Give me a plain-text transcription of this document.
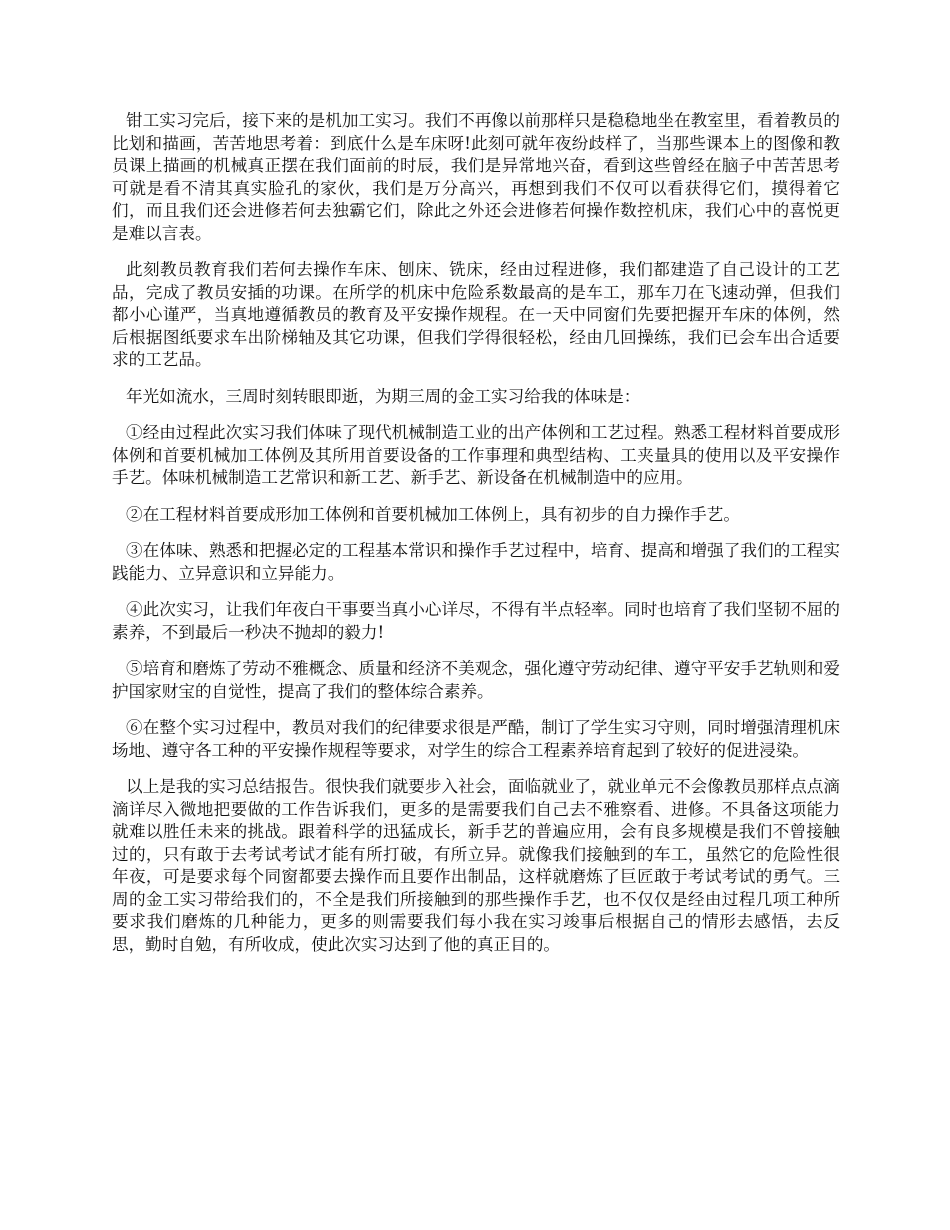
钳工实习完后，接下来的是机加工实习。我们不再像以前那样只是稳稳地坐在教室里，看着教员的比划和描画，苦苦地思考着：到底什么是车床呀!此刻可就年夜纷歧样了，当那些课本上的图像和教员课上描画的机械真正摆在我们面前的时辰，我们是异常地兴奋，看到这些曾经在脑子中苦苦思考可就是看不清其真实脸孔的家伙，我们是万分高兴，再想到我们不仅可以看获得它们，摸得着它们，而且我们还会进修若何去独霸它们，除此之外还会进修若何操作数控机床，我们心中的喜悦更是难以言表。

此刻教员教育我们若何去操作车床、刨床、铣床，经由过程进修，我们都建造了自己设计的工艺品，完成了教员安插的功课。在所学的机床中危险系数最高的是车工，那车刀在飞速动弹，但我们都小心谨严，当真地遵循教员的教育及平安操作规程。在一天中同窗们先要把握开车床的体例，然后根据图纸要求车出阶梯轴及其它功课，但我们学得很轻松，经由几回操练，我们已会车出合适要求的工艺品。

年光如流水，三周时刻转眼即逝，为期三周的金工实习给我的体味是：

①经由过程此次实习我们体味了现代机械制造工业的出产体例和工艺过程。熟悉工程材料首要成形体例和首要机械加工体例及其所用首要设备的工作事理和典型结构、工夹量具的使用以及平安操作手艺。体味机械制造工艺常识和新工艺、新手艺、新设备在机械制造中的应用。

②在工程材料首要成形加工体例和首要机械加工体例上，具有初步的自力操作手艺。

③在体味、熟悉和把握必定的工程基本常识和操作手艺过程中，培育、提高和增强了我们的工程实践能力、立异意识和立异能力。

④此次实习，让我们年夜白干事要当真小心详尽，不得有半点轻率。同时也培育了我们坚韧不屈的素养，不到最后一秒决不抛却的毅力!

⑤培育和磨炼了劳动不雅概念、质量和经济不美观念，强化遵守劳动纪律、遵守平安手艺轨则和爱护国家财宝的自觉性，提高了我们的整体综合素养。

⑥在整个实习过程中，教员对我们的纪律要求很是严酷，制订了学生实习守则，同时增强清理机床场地、遵守各工种的平安操作规程等要求，对学生的综合工程素养培育起到了较好的促进浸染。

以上是我的实习总结报告。很快我们就要步入社会，面临就业了，就业单元不会像教员那样点点滴滴详尽入微地把要做的工作告诉我们，更多的是需要我们自己去不雅察看、进修。不具备这项能力就难以胜任未来的挑战。跟着科学的迅猛成长，新手艺的普遍应用，会有良多规模是我们不曾接触过的，只有敢于去考试考试才能有所打破，有所立异。就像我们接触到的车工，虽然它的危险性很年夜，可是要求每个同窗都要去操作而且要作出制品，这样就磨炼了巨匠敢于考试考试的勇气。三周的金工实习带给我们的，不全是我们所接触到的那些操作手艺，也不仅仅是经由过程几项工种所要求我们磨炼的几种能力，更多的则需要我们每小我在实习竣事后根据自己的情形去感悟，去反思，勤时自勉，有所收成，使此次实习达到了他的真正目的。
